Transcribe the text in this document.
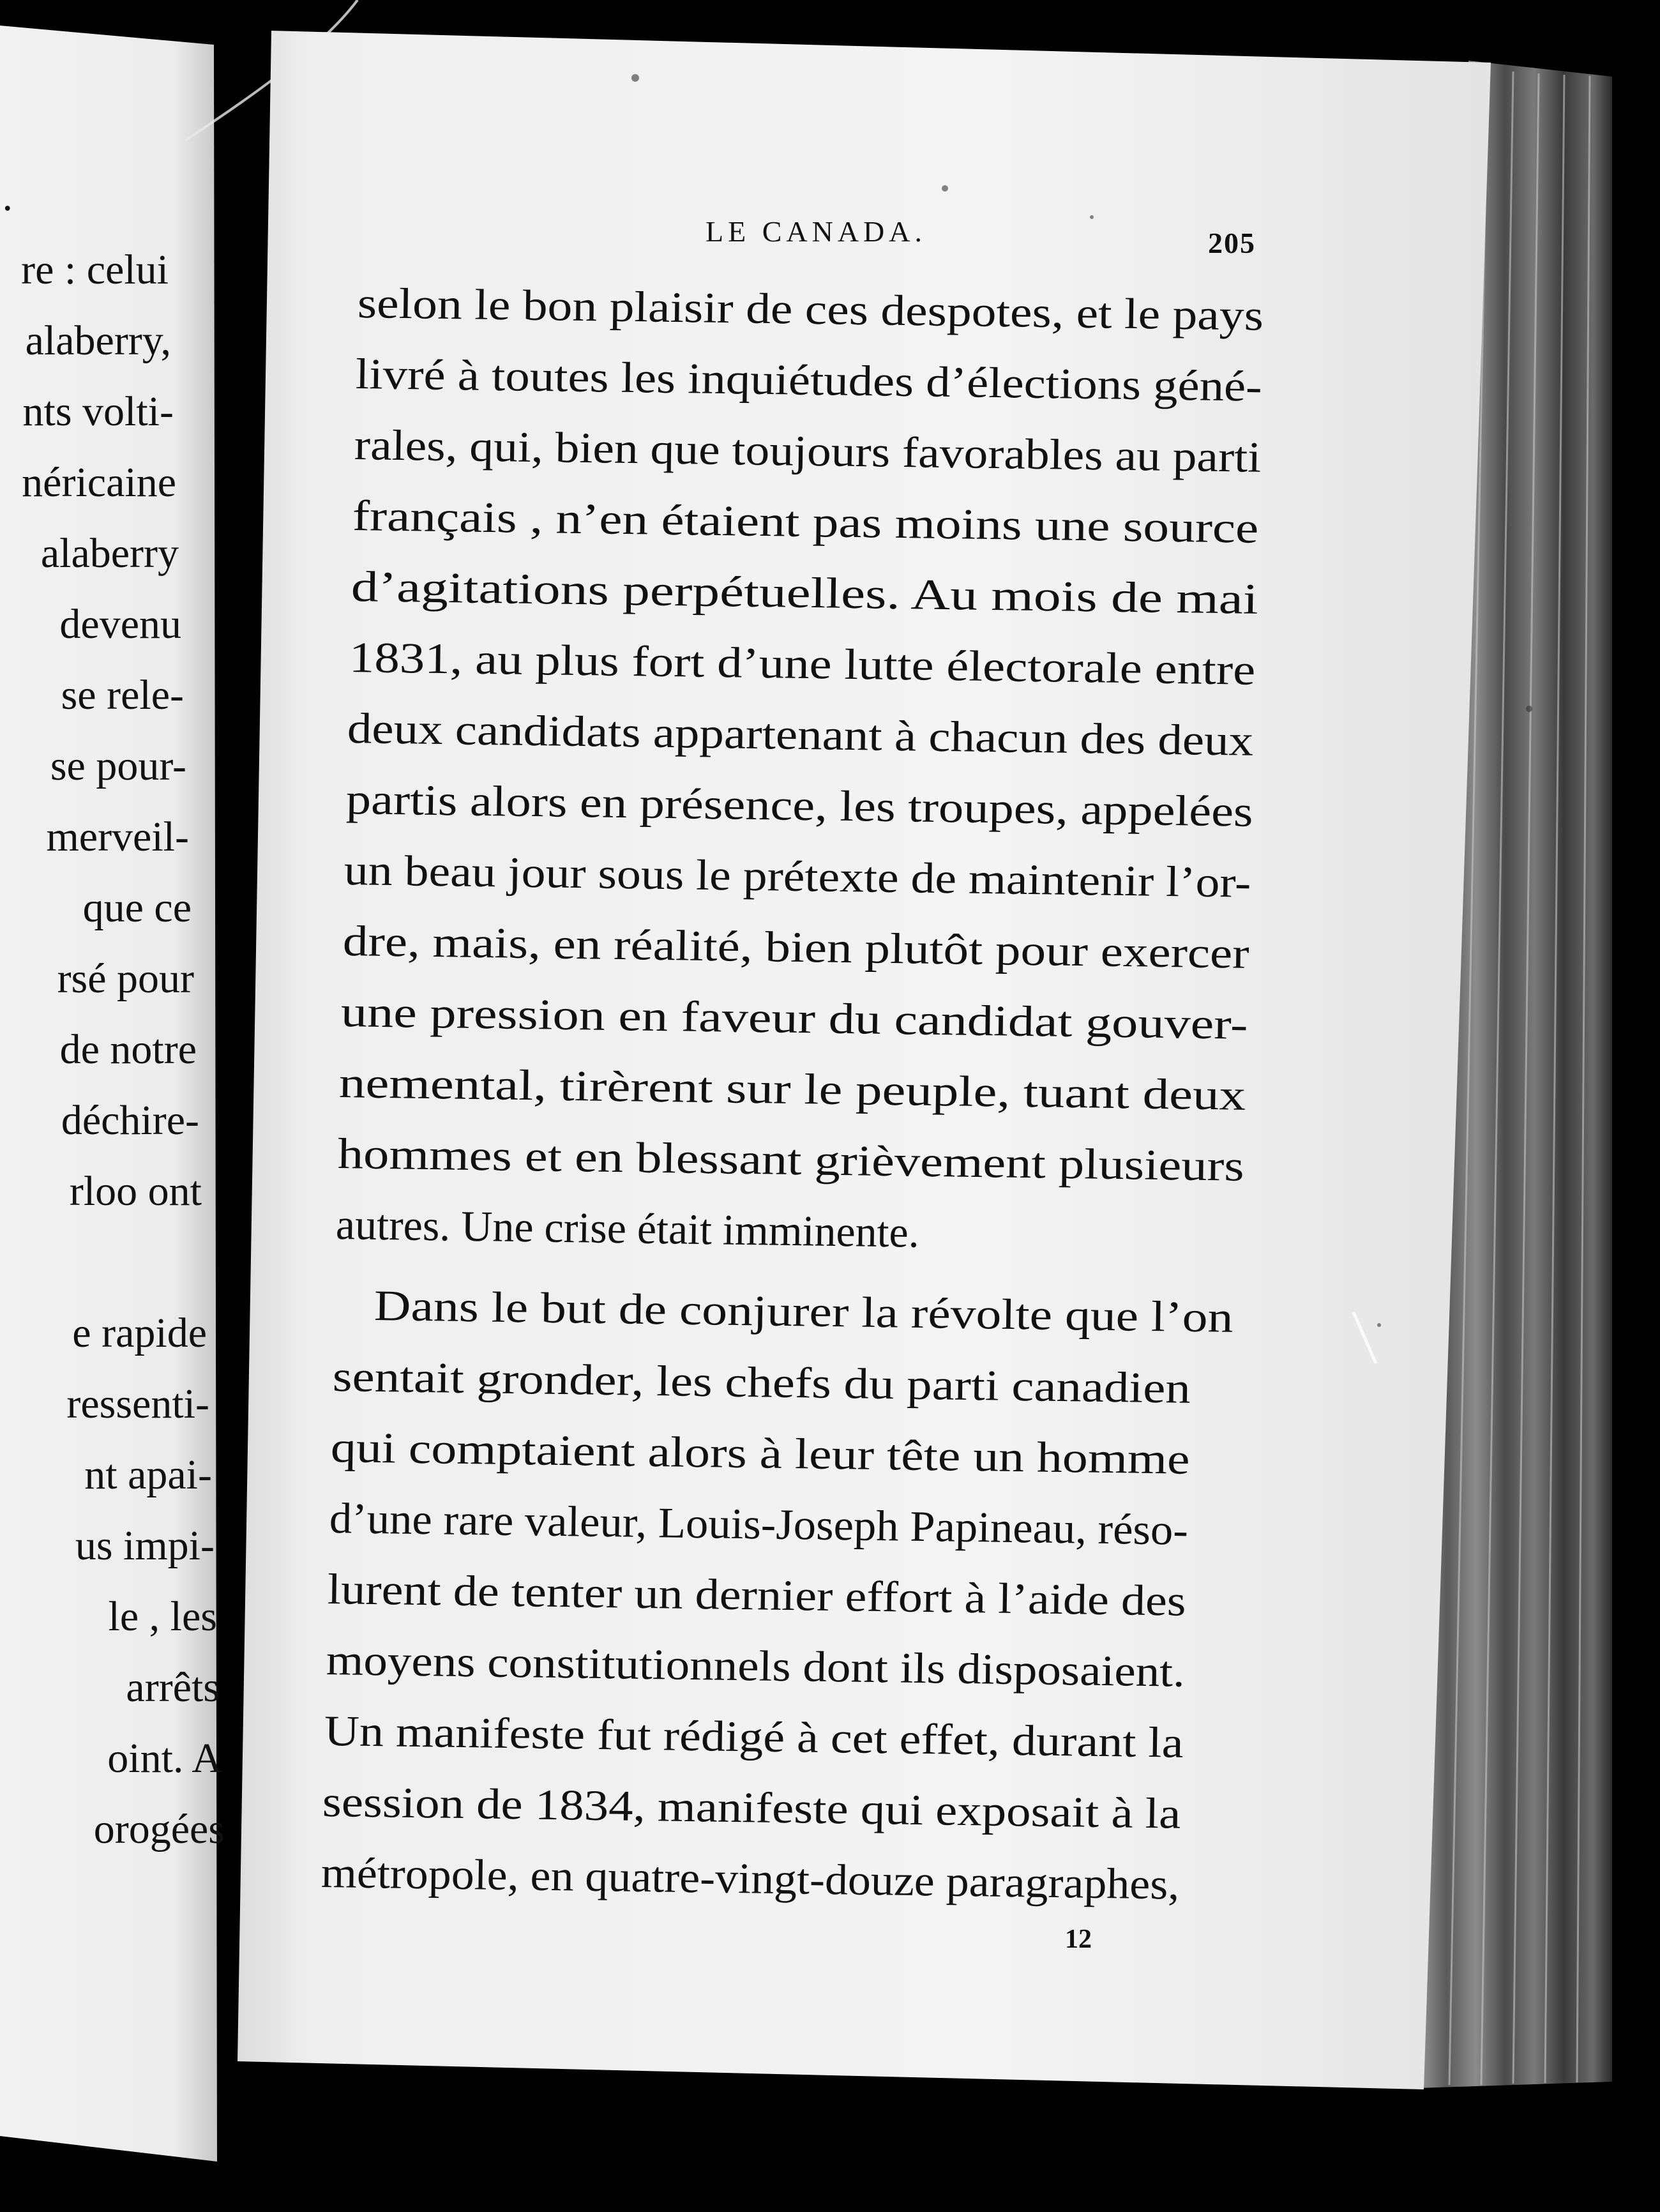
.
re : celui
alaberry,
nts volti-
néricaine
alaberry
devenu
se rele-
se pour-
merveil-
que ce
rsé pour
de notre
déchire-
rloo ont
e rapide
ressenti-
nt apai-
us impi-
le , les
arrêts
oint. A
orogées
LE CANADA.	205
selon le bon plaisir de ces despotes, et le pays
livré à toutes les inquiétudes d’élections géné-
rales, qui, bien que toujours favorables au parti
français , n’en étaient pas moins une source
d’agitations perpétuelles. Au mois de mai
1831, au plus fort d’une lutte électorale entre
deux candidats appartenant à chacun des deux
partis alors en présence, les troupes, appelées
un beau jour sous le prétexte de maintenir l’or-
dre, mais, en réalité, bien plutôt pour exercer
une pression en faveur du candidat gouver-
nemental, tirèrent sur le peuple, tuant deux
hommes et en blessant grièvement plusieurs
autres. Une crise était imminente.
Dans le but de conjurer la révolte que l’on
sentait gronder, les chefs du parti canadien
qui comptaient alors à leur tête un homme
d’une rare valeur, Louis-Joseph Papineau, réso-
lurent de tenter un dernier effort à l’aide des
moyens constitutionnels dont ils disposaient.
Un manifeste fut rédigé à cet effet, durant la
session de 1834, manifeste qui exposait à la
métropole, en quatre-vingt-douze paragraphes,
12
